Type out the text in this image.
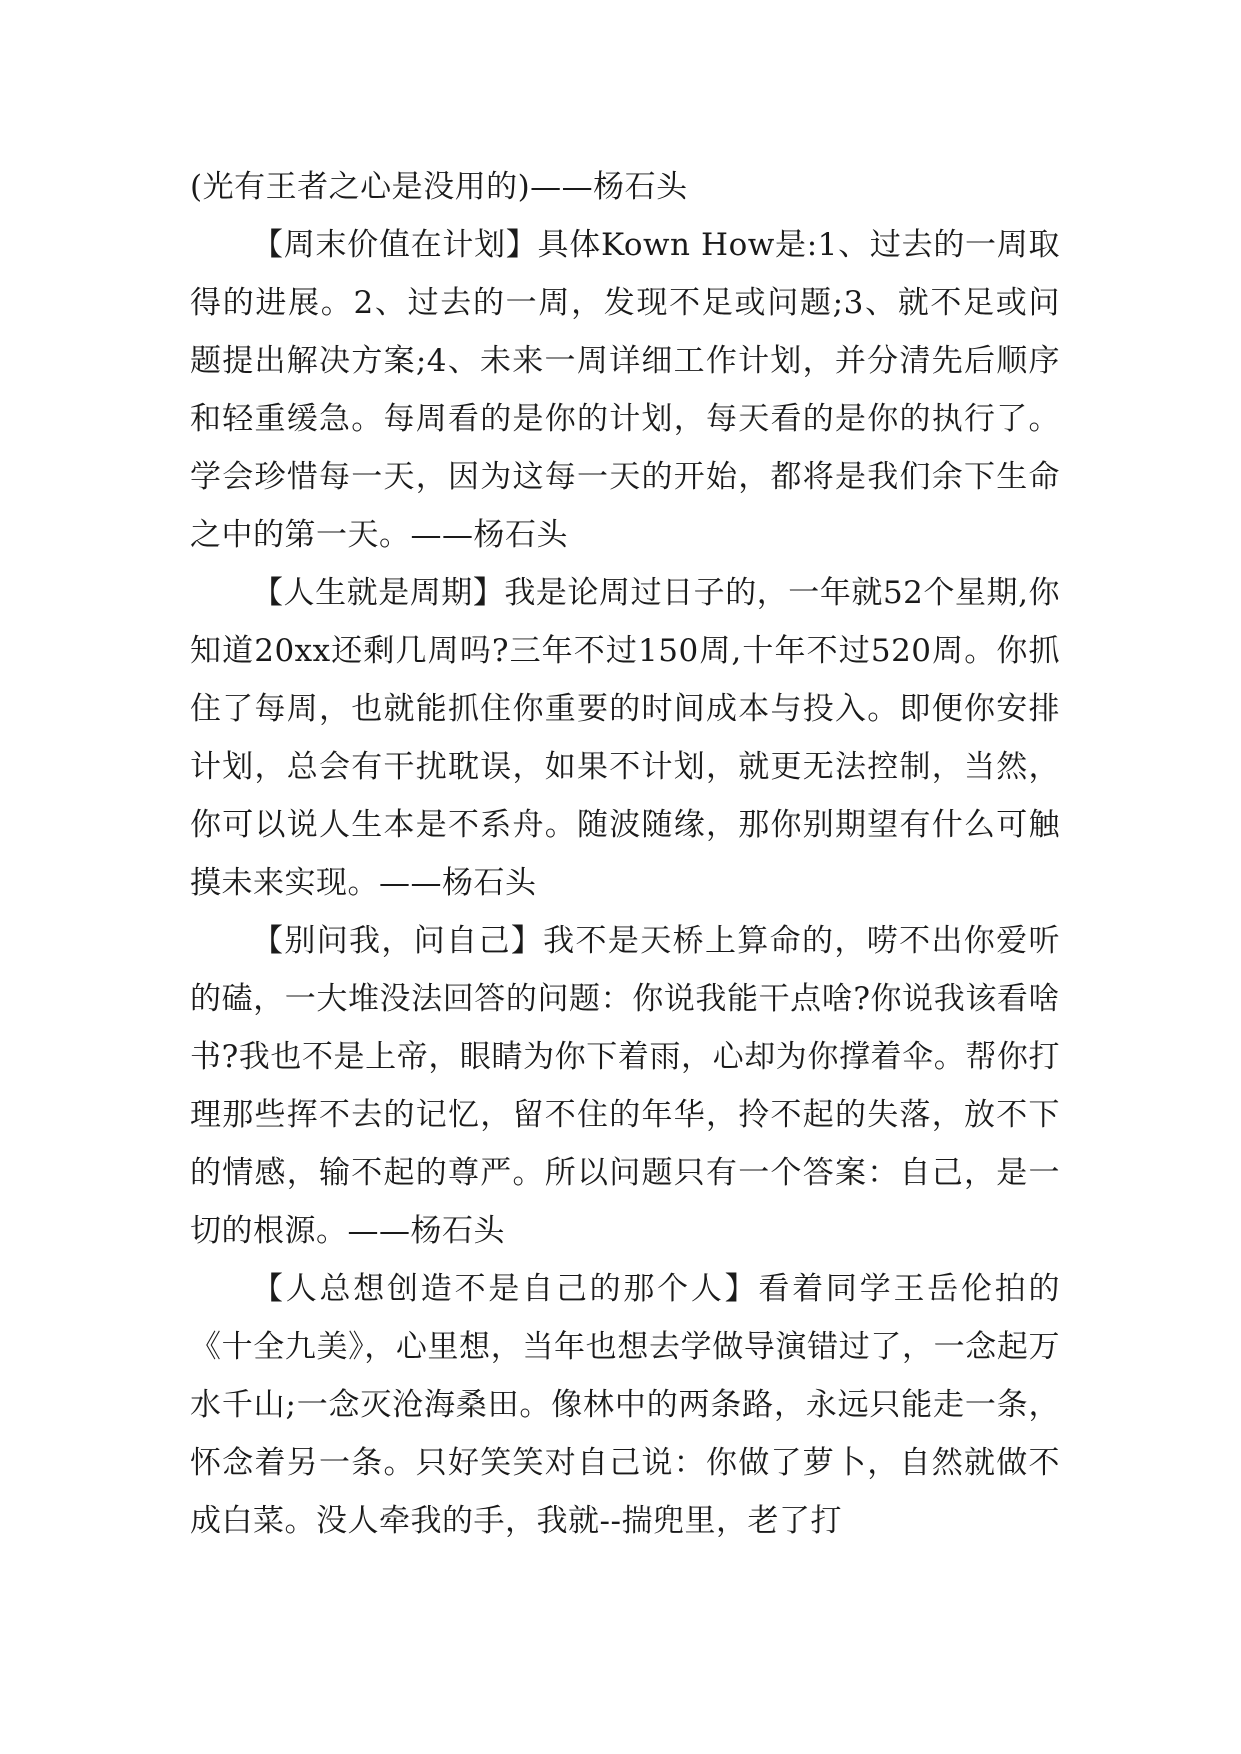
(光有王者之心是没用的)——杨石头

【周末价值在计划】具体Kown How是:1、过去的一周取得的进展。2、过去的一周，发现不足或问题;3、就不足或问题提出解决方案;4、未来一周详细工作计划，并分清先后顺序和轻重缓急。每周看的是你的计划，每天看的是你的执行了。学会珍惜每一天，因为这每一天的开始，都将是我们余下生命之中的第一天。——杨石头

【人生就是周期】我是论周过日子的，一年就52个星期,你知道20xx还剩几周吗?三年不过150周,十年不过520周。你抓住了每周，也就能抓住你重要的时间成本与投入。即便你安排计划，总会有干扰耽误，如果不计划，就更无法控制，当然，你可以说人生本是不系舟。随波随缘，那你别期望有什么可触摸未来实现。——杨石头

【别问我，问自己】我不是天桥上算命的，唠不出你爱听的磕，一大堆没法回答的问题：你说我能干点啥?你说我该看啥书?我也不是上帝，眼睛为你下着雨，心却为你撑着伞。帮你打理那些挥不去的记忆，留不住的年华，拎不起的失落，放不下的情感，输不起的尊严。所以问题只有一个答案：自己，是一切的根源。——杨石头

【人总想创造不是自己的那个人】看着同学王岳伦拍的《十全九美》，心里想，当年也想去学做导演错过了，一念起万水千山;一念灭沧海桑田。像林中的两条路，永远只能走一条，怀念着另一条。只好笑笑对自己说：你做了萝卜，自然就做不成白菜。没人牵我的手，我就--揣兜里，老了打
